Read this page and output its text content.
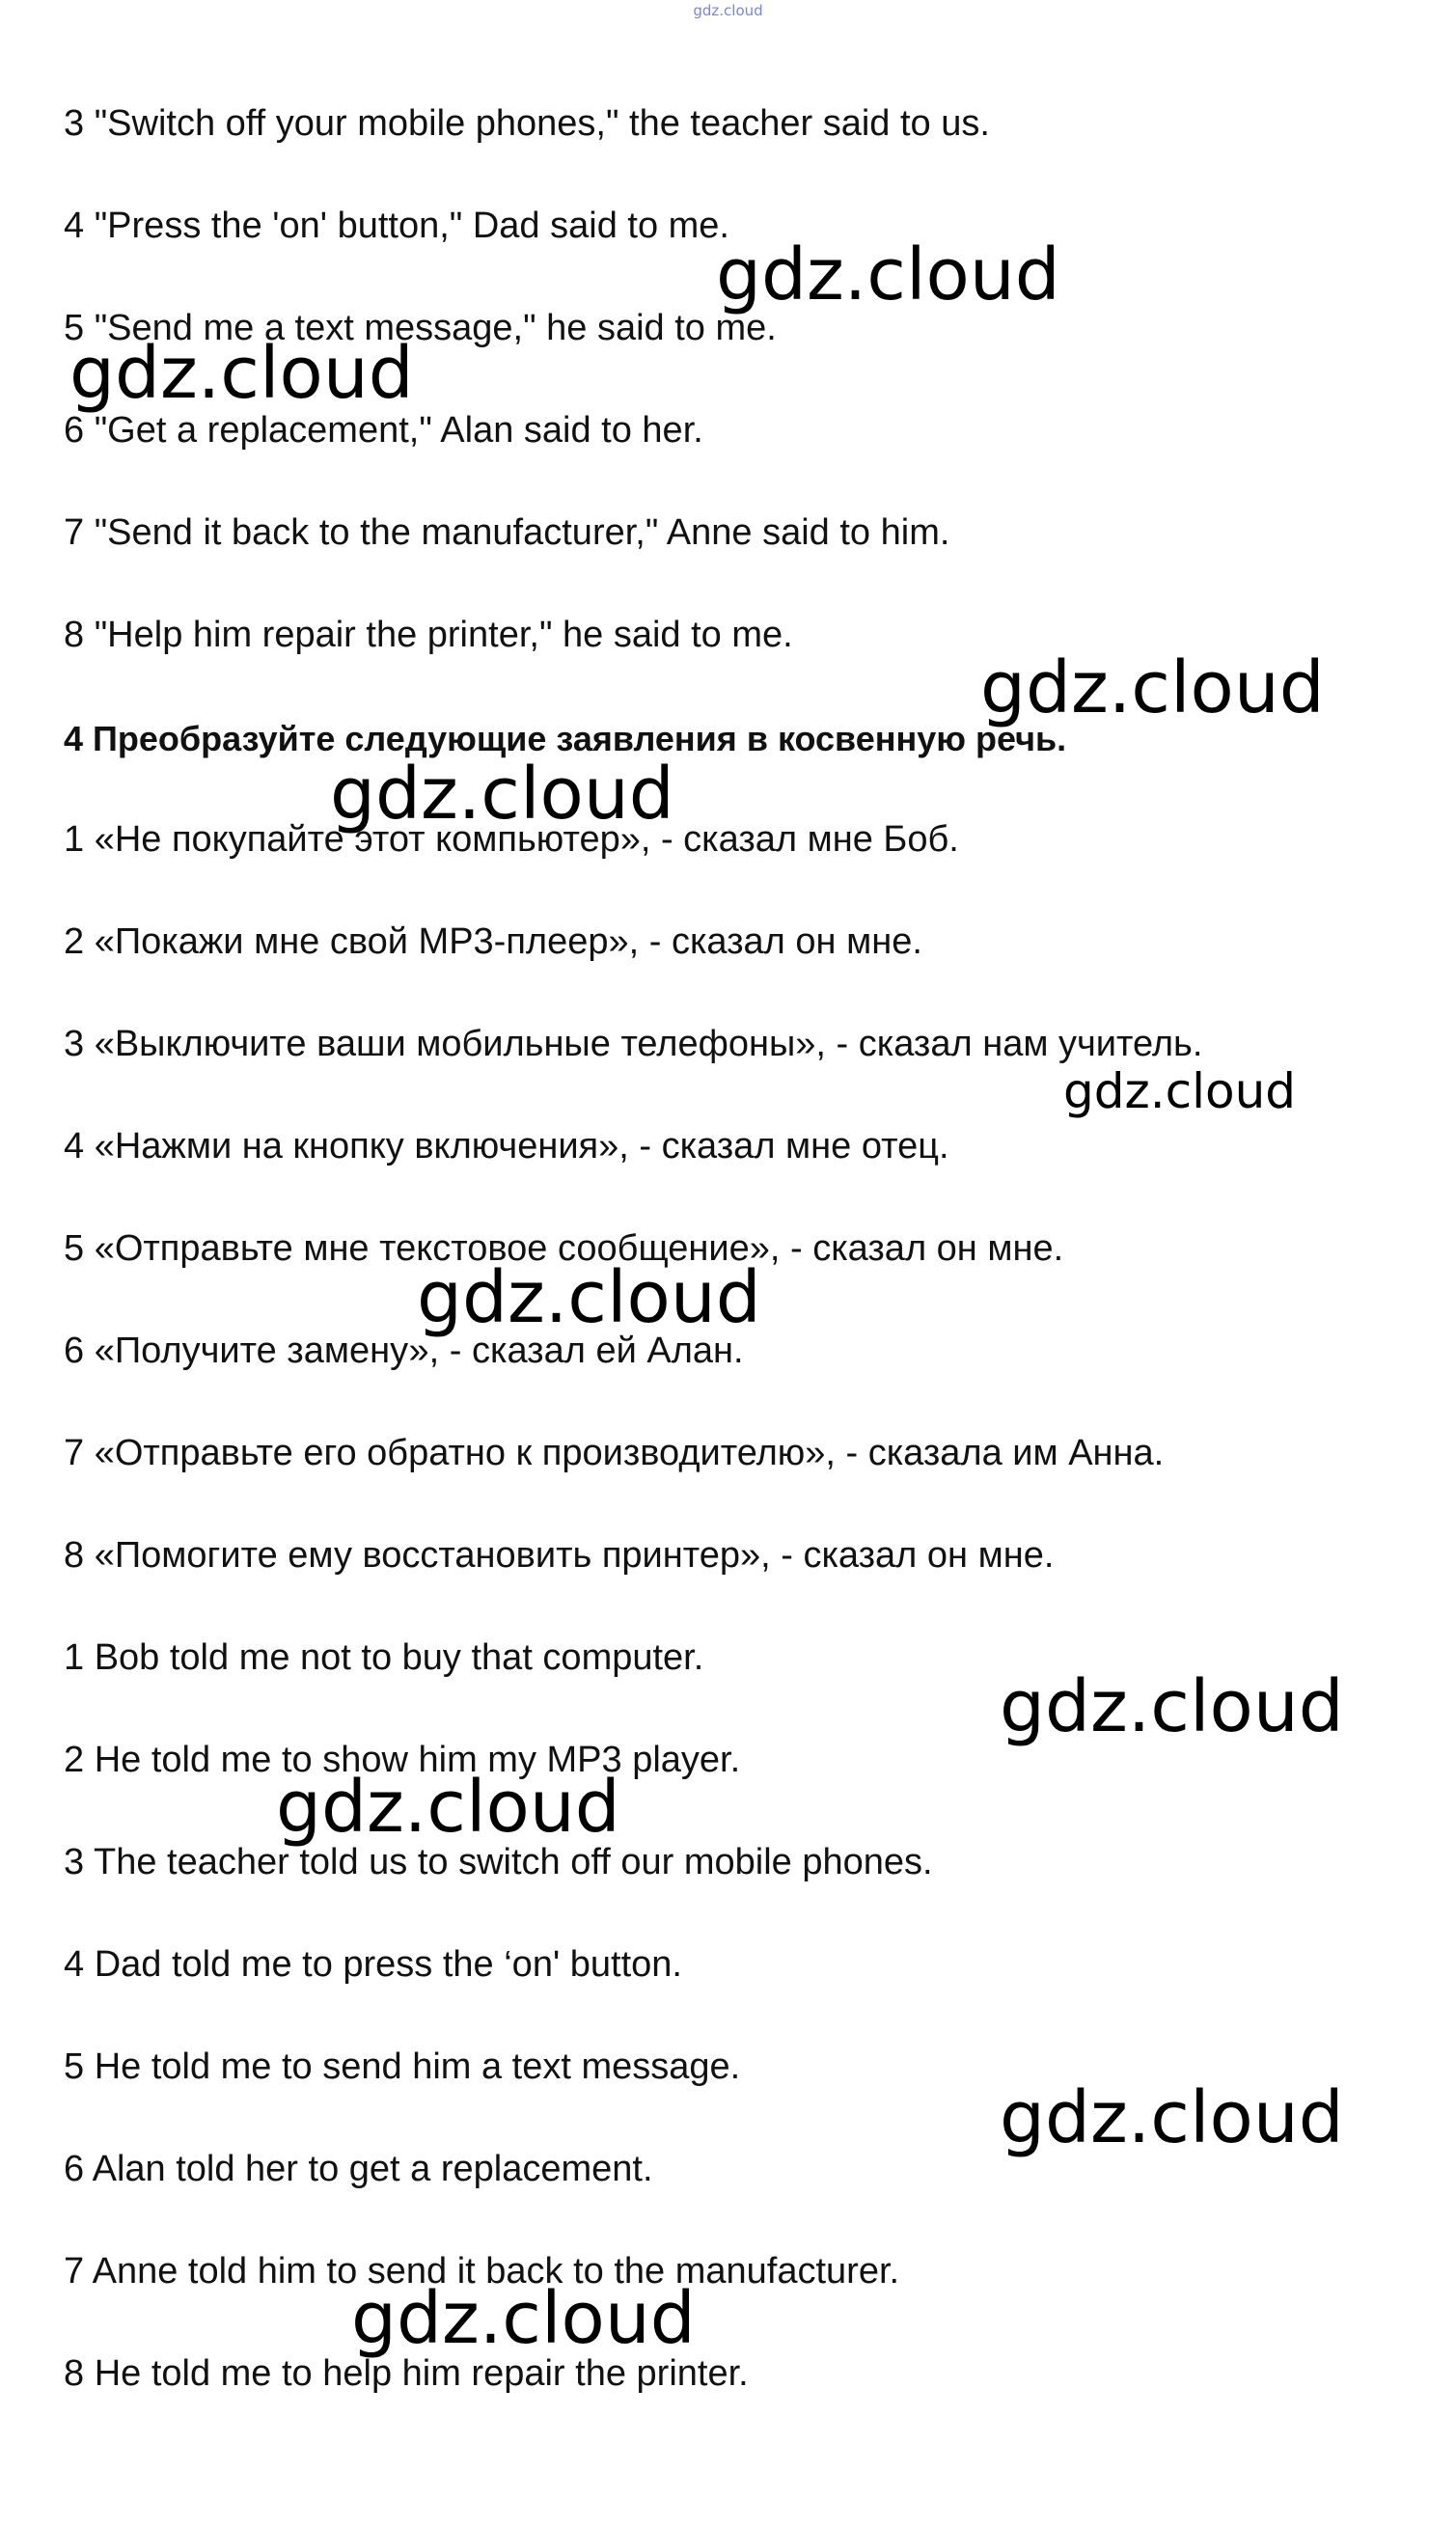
gdz.cloud
3 "Switch off your mobile phones," the teacher said to us.
4 "Press the 'on' button," Dad said to me.
5 "Send me a text message," he said to me.
6 "Get a replacement," Alan said to her.
7 "Send it back to the manufacturer," Anne said to him.
8 "Help him repair the printer," he said to me.
4 Преобразуйте следующие заявления в косвенную речь.
1 «Не покупайте этот компьютер», - сказал мне Боб.
2 «Покажи мне свой MP3-плеер», - сказал он мне.
3 «Выключите ваши мобильные телефоны», - сказал нам учитель.
4 «Нажми на кнопку включения», - сказал мне отец.
5 «Отправьте мне текстовое сообщение», - сказал он мне.
6 «Получите замену», - сказал ей Алан.
7 «Отправьте его обратно к производителю», - сказала им Анна.
8 «Помогите ему восстановить принтер», - сказал он мне.
1 Bob told me not to buy that computer.
2 He told me to show him my MP3 player.
3 The teacher told us to switch off our mobile phones.
4 Dad told me to press the ‘on' button.
5 He told me to send him a text message.
6 Alan told her to get a replacement.
7 Anne told him to send it back to the manufacturer.
8 He told me to help him repair the printer.
gdz.cloud
gdz.cloud
gdz.cloud
gdz.cloud
gdz.cloud
gdz.cloud
gdz.cloud
gdz.cloud
gdz.cloud
gdz.cloud
